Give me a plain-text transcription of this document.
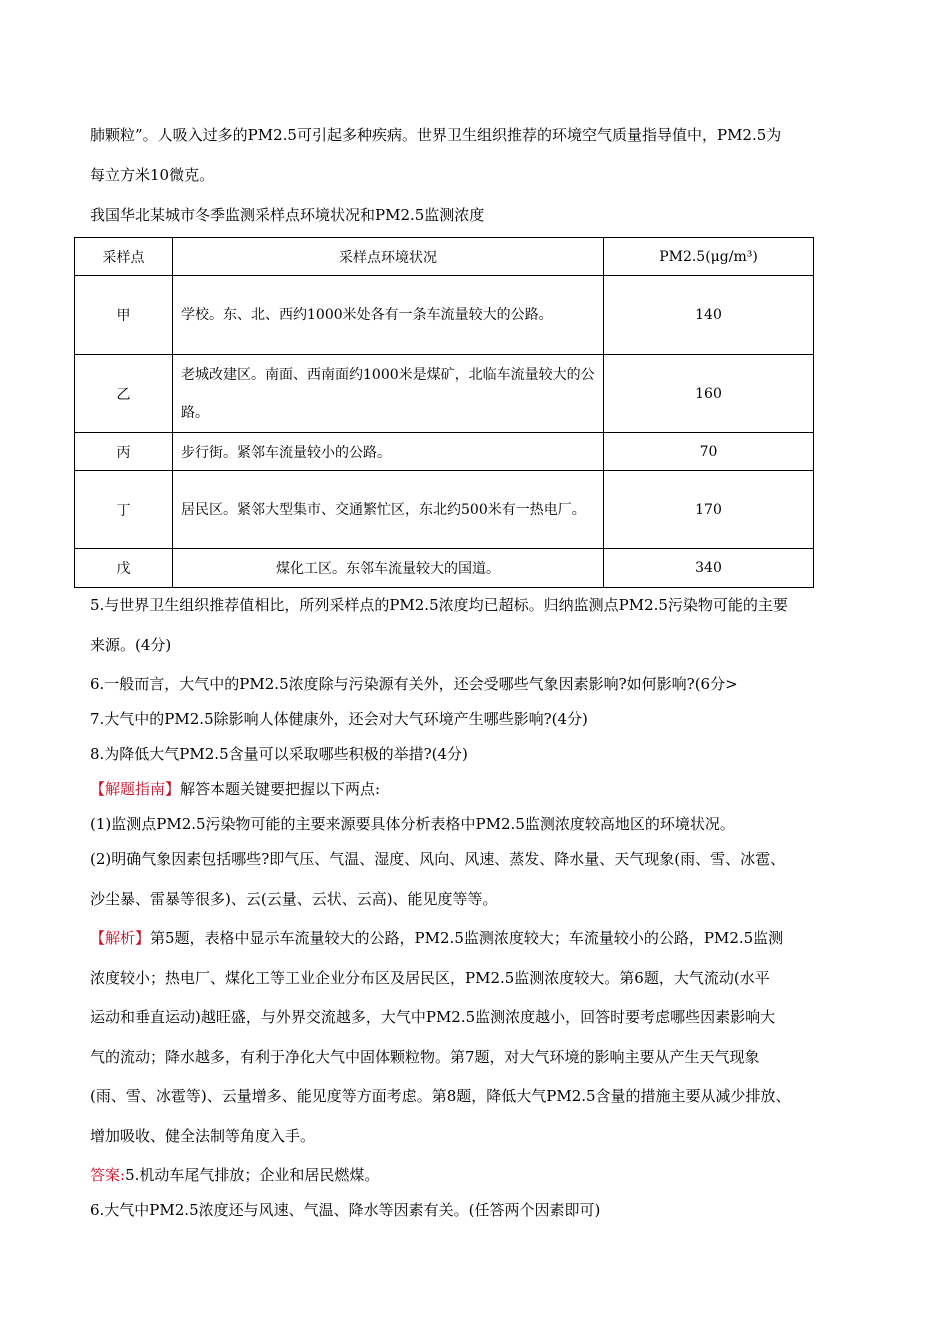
肺颗粒”。人吸入过多的PM2.5可引起多种疾病。世界卫生组织推荐的环境空气质量指导值中，PM2.5为
每立方米10微克。
我国华北某城市冬季监测采样点环境状况和PM2.5监测浓度
采样点	采样点环境状况	PM2.5(μg/m³)
甲	学校。东、北、西约1000米处各有一条车流量较大的公路。	140
乙	老城改建区。南面、西南面约1000米是煤矿，北临车流量较大的公路。	160
丙	步行街。紧邻车流量较小的公路。	70
丁	居民区。紧邻大型集市、交通繁忙区，东北约500米有一热电厂。	170
戊	煤化工区。东邻车流量较大的国道。	340
5.与世界卫生组织推荐值相比，所列采样点的PM2.5浓度均已超标。归纳监测点PM2.5污染物可能的主要
来源。(4分)
6.一般而言，大气中的PM2.5浓度除与污染源有关外，还会受哪些气象因素影响?如何影响?(6分>
7.大气中的PM2.5除影响人体健康外，还会对大气环境产生哪些影响?(4分)
8.为降低大气PM2.5含量可以采取哪些积极的举措?(4分)
【解题指南】解答本题关键要把握以下两点:
(1)监测点PM2.5污染物可能的主要来源要具体分析表格中PM2.5监测浓度较高地区的环境状况。
(2)明确气象因素包括哪些?即气压、气温、湿度、风向、风速、蒸发、降水量、天气现象(雨、雪、冰雹、
沙尘暴、雷暴等很多)、云(云量、云状、云高)、能见度等等。
【解析】第5题，表格中显示车流量较大的公路，PM2.5监测浓度较大；车流量较小的公路，PM2.5监测
浓度较小；热电厂、煤化工等工业企业分布区及居民区，PM2.5监测浓度较大。第6题，大气流动(水平
运动和垂直运动)越旺盛，与外界交流越多，大气中PM2.5监测浓度越小，回答时要考虑哪些因素影响大
气的流动；降水越多，有利于净化大气中固体颗粒物。第7题，对大气环境的影响主要从产生天气现象
(雨、雪、冰雹等)、云量增多、能见度等方面考虑。第8题，降低大气PM2.5含量的措施主要从减少排放、
增加吸收、健全法制等角度入手。
答案:5.机动车尾气排放；企业和居民燃煤。
6.大气中PM2.5浓度还与风速、气温、降水等因素有关。(任答两个因素即可)
